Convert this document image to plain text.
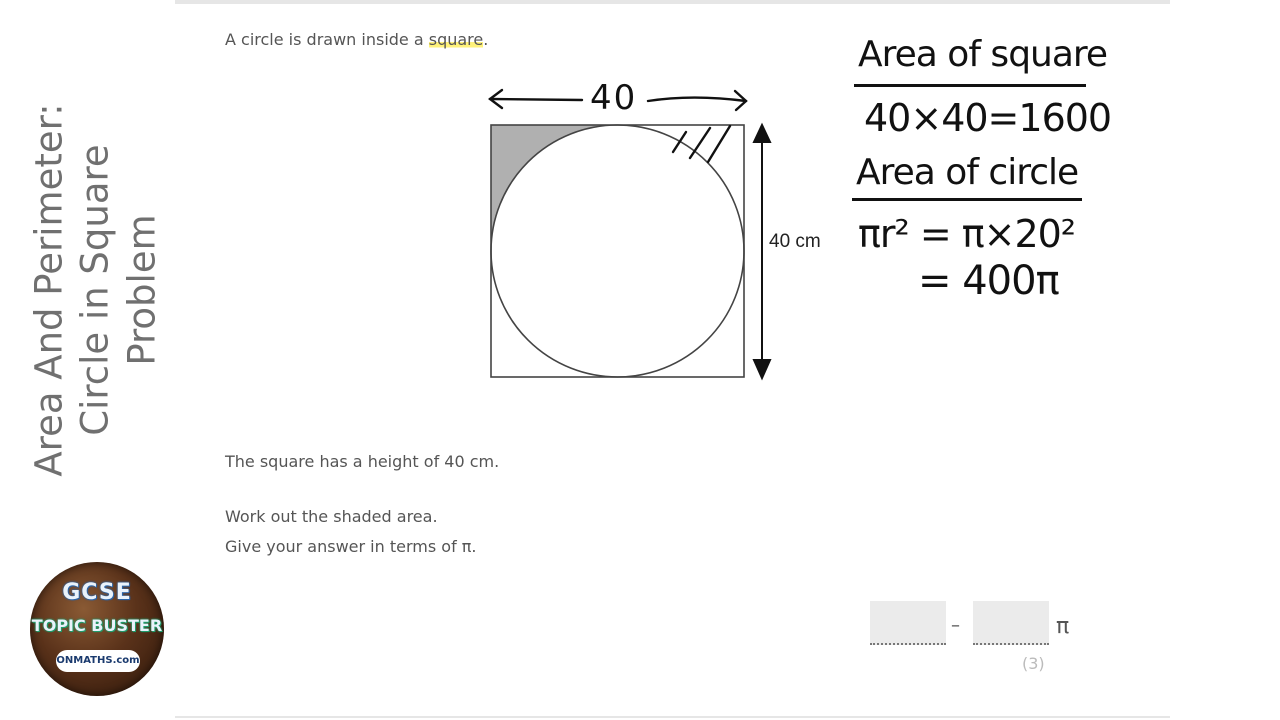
Area And Perimeter: Circle in Square Problem
GCSE
TOPIC BUSTER
ONMATHS.com
A circle is drawn inside a square.
40
40 cm
Area of square
40×40=1600
Area of circle
πr² = π×20²
= 400π
The square has a height of 40 cm.
Work out the shaded area.
Give your answer in terms of π.
–	π
(3)
